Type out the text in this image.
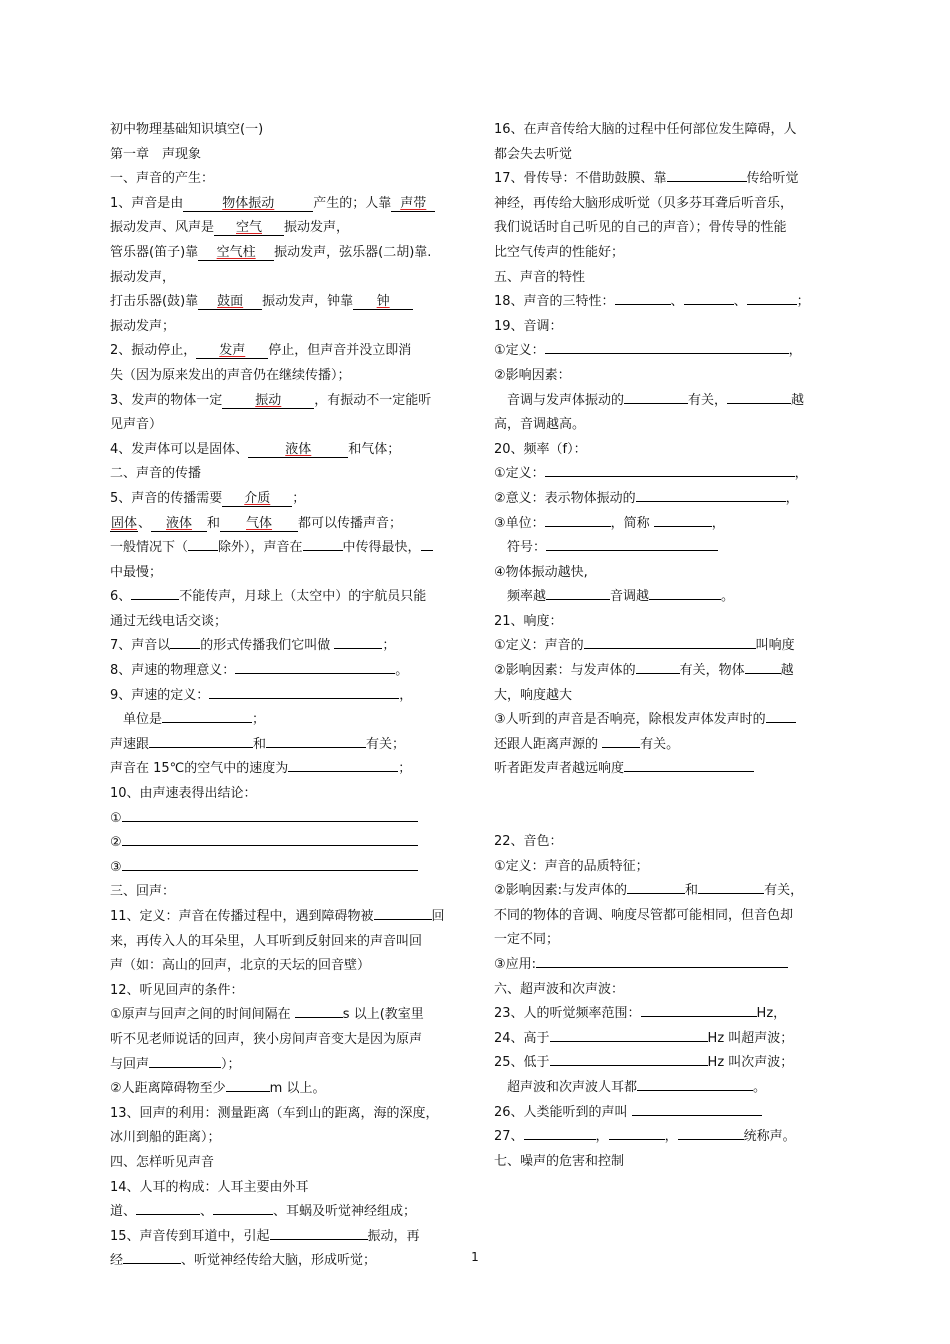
初中物理基础知识填空(一)
第一章　声现象
一、声音的产生：
1、声音是由	物体振动	产生的；人靠 声带
振动发声、风声是 空气 振动发声，
管乐器(笛子)靠 空气柱 振动发声，弦乐器(二胡)靠.
振动发声，
打击乐器(鼓)靠 鼓面 振动发声，钟靠 钟
振动发声；
2、振动停止， 发声 停止，但声音并没立即消
失（因为原来发出的声音仍在继续传播）；
3、发声的物体一定	振动	，有振动不一定能听
见声音）
4、发声体可以是固体、	液体	和气体；
二、声音的传播
5、声音的传播需要 介质 ；
固体、 液体 和 气体 都可以传播声音；
一般情况下（ 除外），声音在	中传得最快，
中最慢；
6、	不能传声，月球上（太空中）的宇航员只能
通过无线电话交谈；
7、声音以 的形式传播我们它叫做	；
8、声速的物理意义：	。
9、声速的定义：	，
　单位是	；
声速跟	和	有关；
声音在 15℃的空气中的速度为	；
10、由声速表得出结论：
①
②
③
三、回声：
11、定义：声音在传播过程中，遇到障碍物被	回
来，再传入人的耳朵里，人耳听到反射回来的声音叫回
声（如：高山的回声，北京的天坛的回音壁）
12、听见回声的条件：
①原声与回声之间的时间间隔在	s 以上(教室里
听不见老师说话的回声，狭小房间声音变大是因为原声
与回声	）；
②人距离障碍物至少	m 以上。
13、回声的利用：测量距离（车到山的距离，海的深度，
冰川到船的距离）；
四、怎样听见声音
14、人耳的构成：人耳主要由外耳
道、	、	、耳蜗及听觉神经组成；
15、声音传到耳道中，引起	振动，再
经	、听觉神经传给大脑，形成听觉；
16、在声音传给大脑的过程中任何部位发生障碍，人
都会失去听觉
17、骨传导：不借助鼓膜、靠	传给听觉
神经，再传给大脑形成听觉（贝多芬耳聋后听音乐，
我们说话时自己听见的自己的声音）；骨传导的性能
比空气传声的性能好；
五、声音的特性
18、声音的三特性：	、	、	；
19、音调：
①定义：	，
②影响因素：
　音调与发声体振动的	有关，	越
高，音调越高。
20、频率（f）：
①定义：	，
②意义：表示物体振动的	，
③单位：	，简称	，
　符号：
④物体振动越快,
　频率越	音调越	。
21、响度：
①定义：声音的	叫响度
②影响因素：与发声体的	有关，物体	越
大，响度越大
③人听到的声音是否响亮，除根发声体发声时的
还跟人距离声源的	有关。
听者距发声者越远响度
22、音色：
①定义：声音的品质特征；
②影响因素:与发声体的	和	有关，
不同的物体的音调、响度尽管都可能相同，但音色却
一定不同；
③应用:
六、超声波和次声波：
23、人的听觉频率范围：	Hz，
24、高于	Hz 叫超声波；
25、低于	Hz 叫次声波；
　超声波和次声波人耳都	。
26、人类能听到的声叫
27、	，	，	统称声。
七、噪声的危害和控制
1
